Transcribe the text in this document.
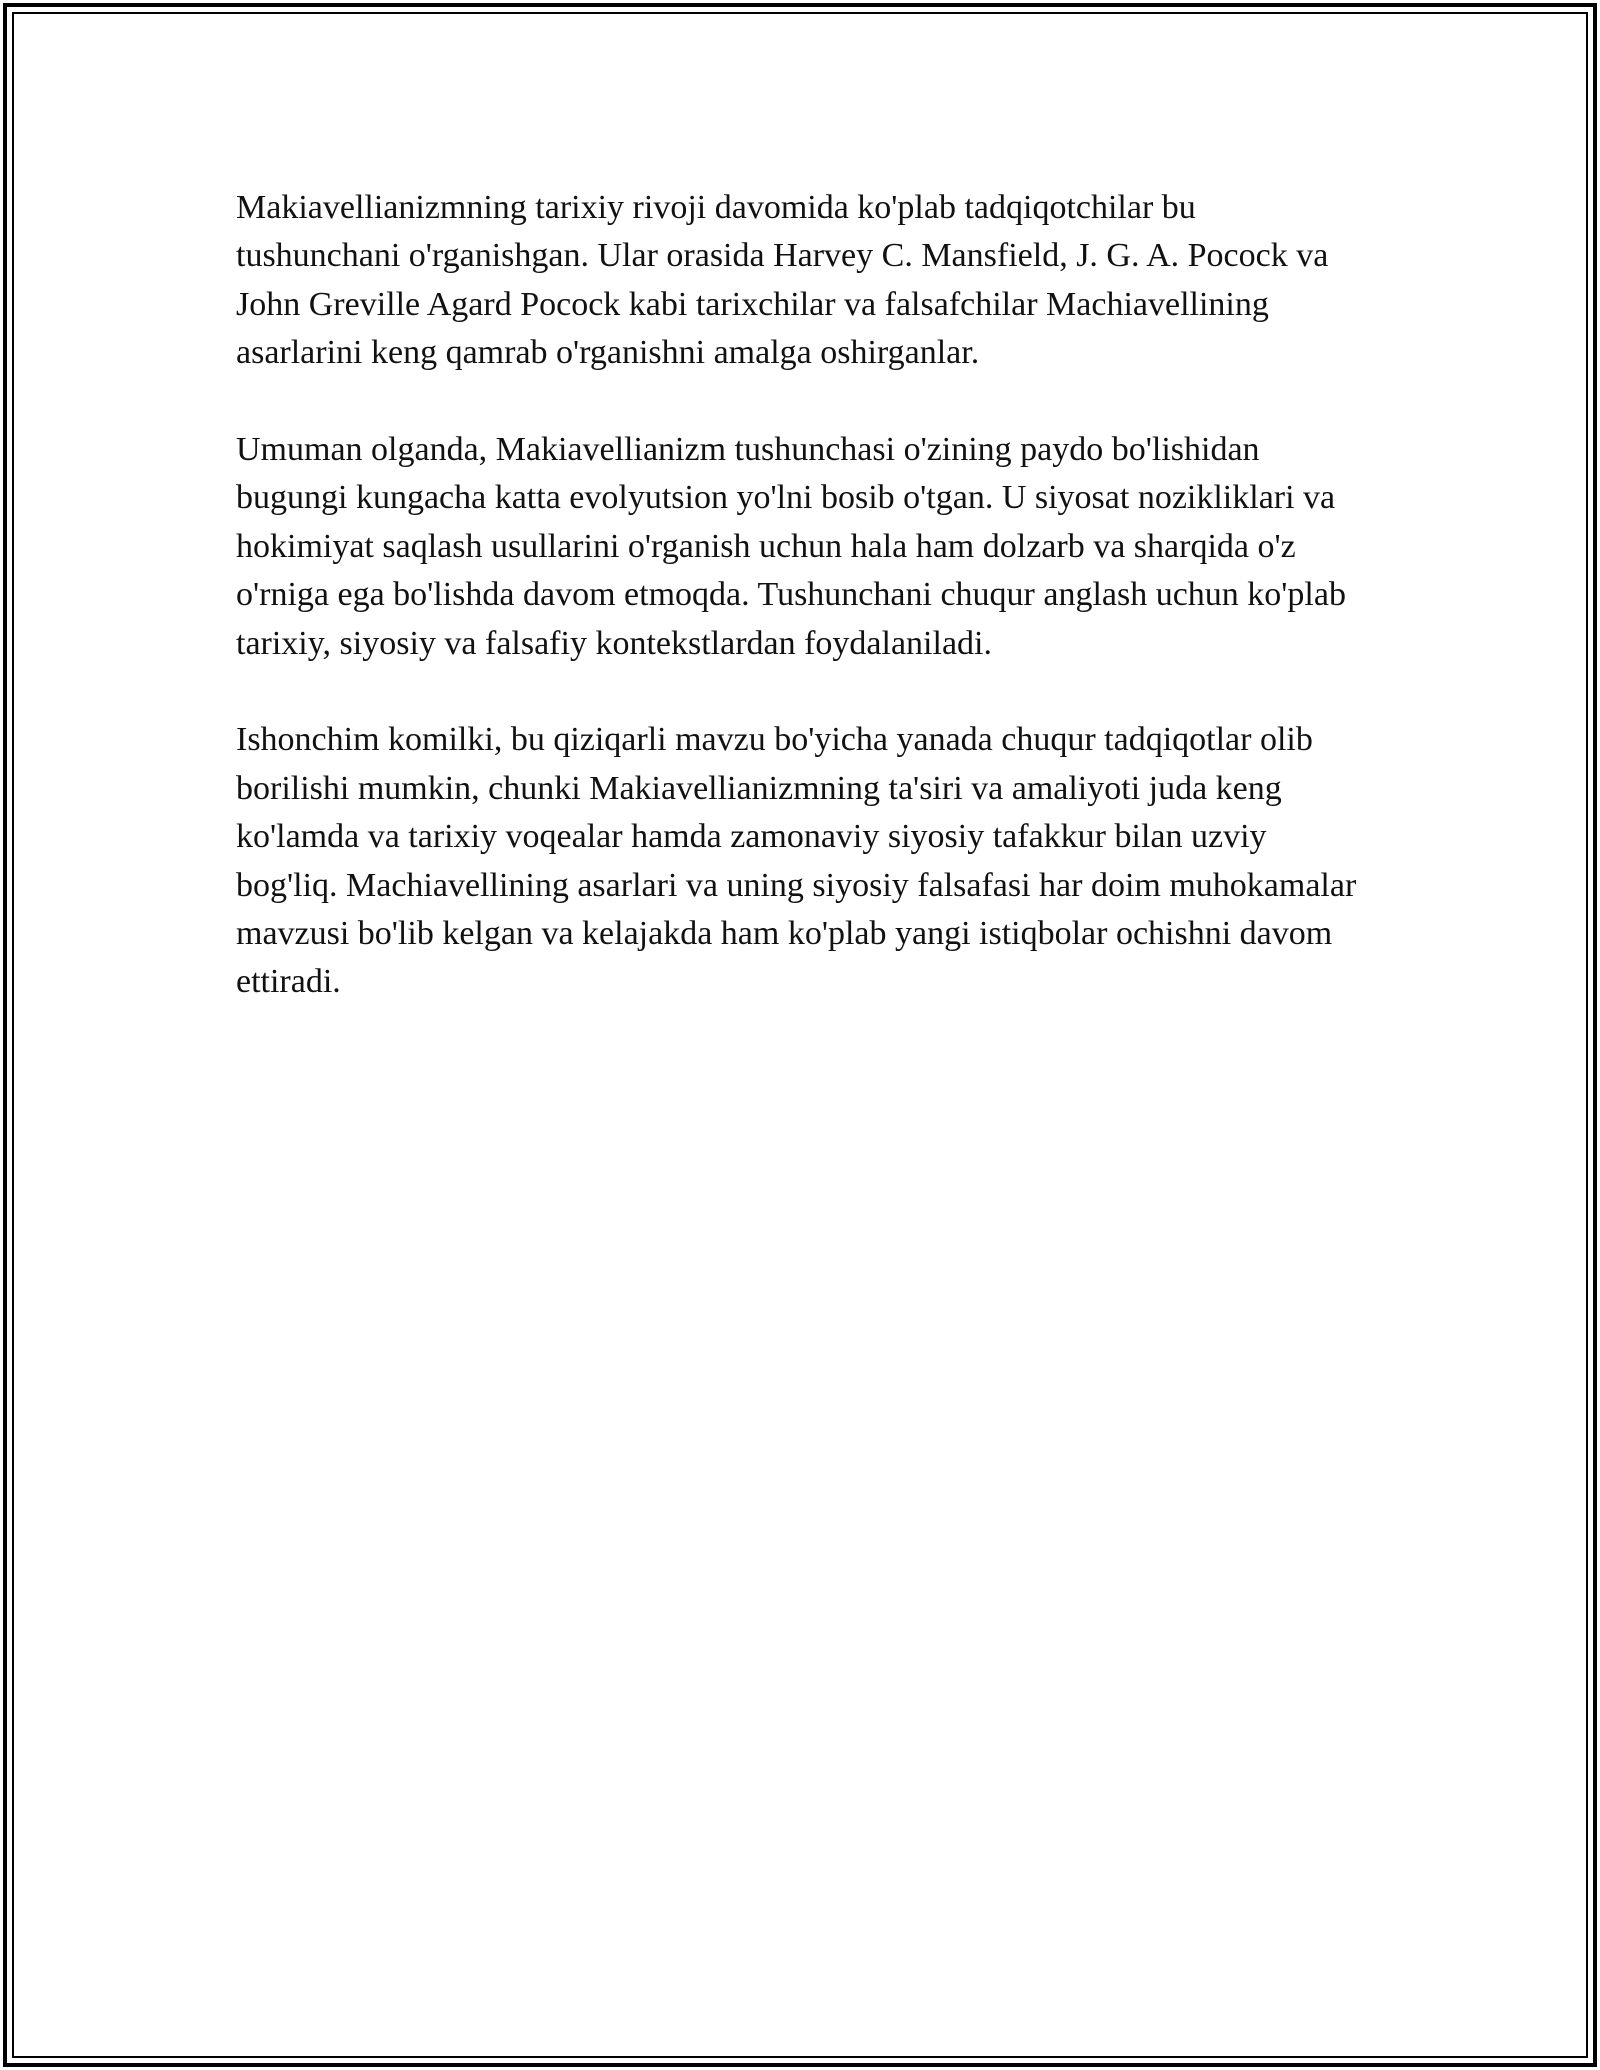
Makiavellianizmning tarixiy rivoji davomida ko'plab tadqiqotchilar bu tushunchani o'rganishgan. Ular orasida Harvey C. Mansfield, J. G. A. Pocock va John Greville Agard Pocock kabi tarixchilar va falsafchilar Machiavellining asarlarini keng qamrab o'rganishni amalga oshirganlar.

Umuman olganda, Makiavellianizm tushunchasi o'zining paydo bo'lishidan bugungi kungacha katta evolyutsion yo'lni bosib o'tgan. U siyosat nozikliklari va hokimiyat saqlash usullarini o'rganish uchun hala ham dolzarb va sharqida o'z o'rniga ega bo'lishda davom etmoqda. Tushunchani chuqur anglash uchun ko'plab tarixiy, siyosiy va falsafiy kontekstlardan foydalaniladi.

Ishonchim komilki, bu qiziqarli mavzu bo'yicha yanada chuqur tadqiqotlar olib borilishi mumkin, chunki Makiavellianizmning ta'siri va amaliyoti juda keng ko'lamda va tarixiy voqealar hamda zamonaviy siyosiy tafakkur bilan uzviy bog'liq. Machiavellining asarlari va uning siyosiy falsafasi har doim muhokamalar mavzusi bo'lib kelgan va kelajakda ham ko'plab yangi istiqbolar ochishni davom ettiradi.
